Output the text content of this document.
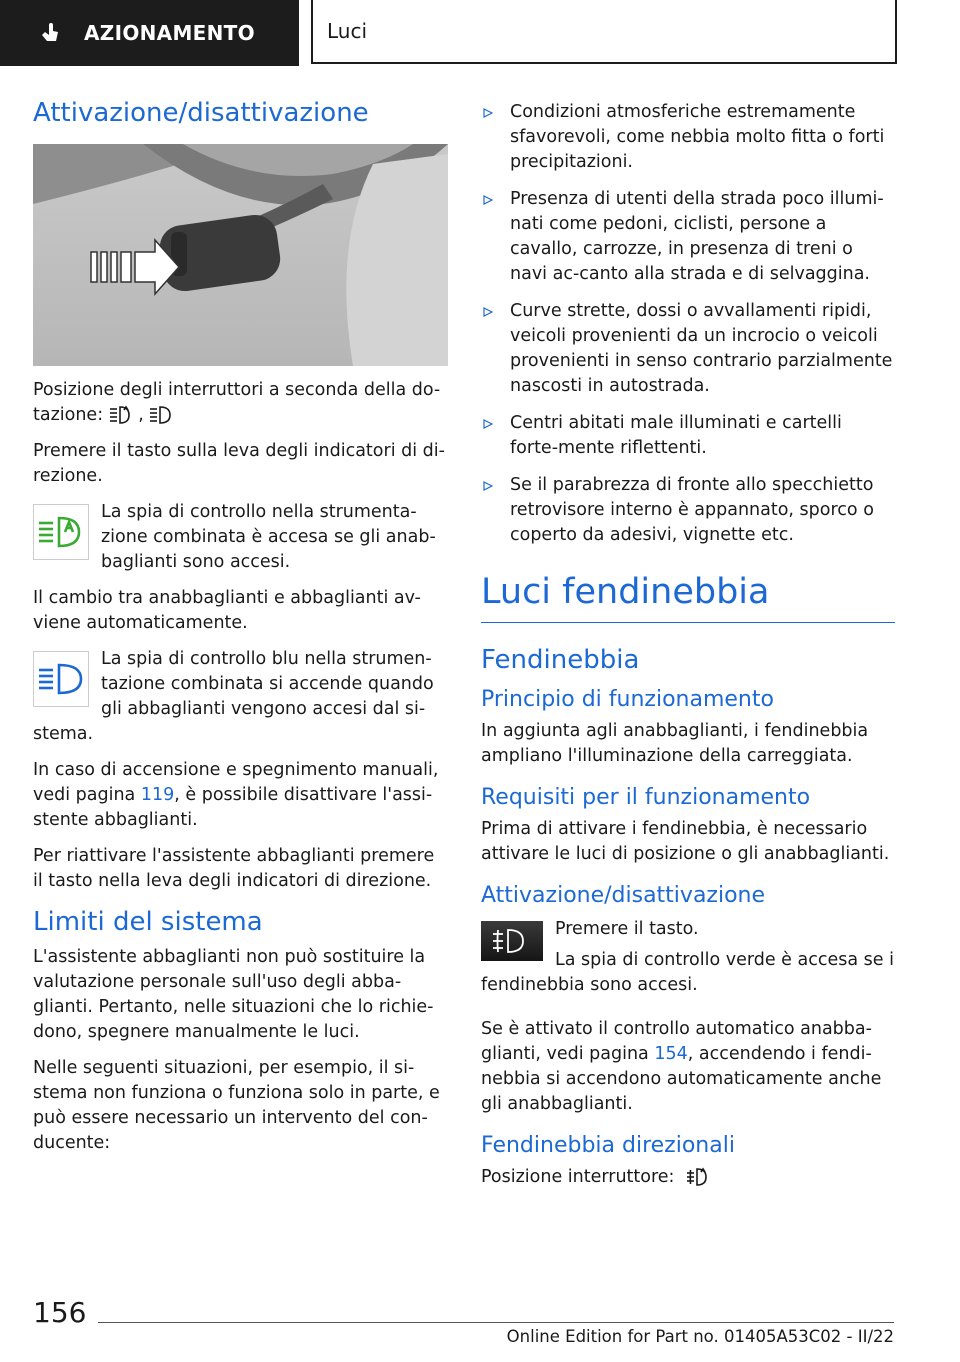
AZIONAMENTO	Luci
Attivazione/disattivazione

Posizione degli interruttori a seconda della do-tazione: ,

Premere il tasto sulla leva degli indicatori di di-rezione.

La spia di controllo nella strumenta-zione combinata è accesa se gli anab-baglianti sono accesi.

Il cambio tra anabbaglianti e abbaglianti av-viene automaticamente.

La spia di controllo blu nella strumen-tazione combinata si accende quando gli abbaglianti vengono accesi dal si-stema.

In caso di accensione e spegnimento manuali, vedi pagina 119, è possibile disattivare l'assi-stente abbaglianti.

Per riattivare l'assistente abbaglianti premere il tasto nella leva degli indicatori di direzione.

Limiti del sistema

L'assistente abbaglianti non può sostituire la valutazione personale sull'uso degli abba-glianti. Pertanto, nelle situazioni che lo richie-dono, spegnere manualmente le luci.

Nelle seguenti situazioni, per esempio, il si-stema non funziona o funziona solo in parte, e può essere necessario un intervento del con-ducente:

Condizioni atmosferiche estremamente sfavorevoli, come nebbia molto fitta o forti precipitazioni.
Presenza di utenti della strada poco illumi-nati come pedoni, ciclisti, persone a cavallo, carrozze, in presenza di treni o navi ac-canto alla strada e di selvaggina.
Curve strette, dossi o avvallamenti ripidi, veicoli provenienti da un incrocio o veicoli provenienti in senso contrario parzialmente nascosti in autostrada.
Centri abitati male illuminati e cartelli forte-mente riflettenti.
Se il parabrezza di fronte allo specchietto retrovisore interno è appannato, sporco o coperto da adesivi, vignette etc.
Luci fendinebbia
Fendinebbia
Principio di funzionamento

In aggiunta agli anabbaglianti, i fendinebbia ampliano l'illuminazione della carreggiata.

Requisiti per il funzionamento

Prima di attivare i fendinebbia, è necessario attivare le luci di posizione o gli anabbaglianti.

Attivazione/disattivazione

Premere il tasto.

La spia di controllo verde è accesa se i fendinebbia sono accesi.

Se è attivato il controllo automatico anabba-glianti, vedi pagina 154, accendendo i fendi-nebbia si accendono automaticamente anche gli anabbaglianti.

Fendinebbia direzionali

Posizione interruttore:

156
Online Edition for Part no. 01405A53C02 - II/22
